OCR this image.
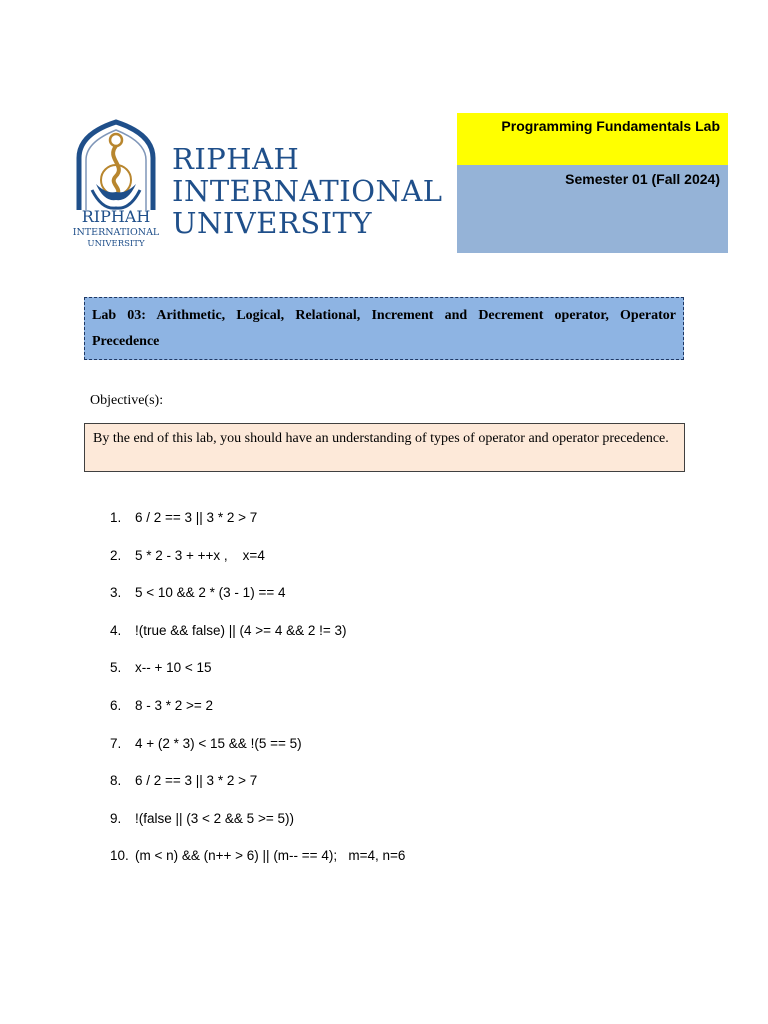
RIPHAH
INTERNATIONAL
UNIVERSITY
RIPHAH
INTERNATIONAL
UNIVERSITY
Programming Fundamentals Lab
Semester 01 (Fall 2024)
Lab 03: Arithmetic, Logical, Relational, Increment and Decrement operator, Operator Precedence
Objective(s):
By the end of this lab, you should have an understanding of types of operator and operator precedence.
1.	6 / 2 == 3 || 3 * 2 > 7
2.	5 * 2 - 3 + ++x ,    x=4
3.	5 < 10 && 2 * (3 - 1) == 4
4.	!(true && false) || (4 >= 4 && 2 != 3)
5.	x-- + 10 < 15
6.	8 - 3 * 2 >= 2
7.	4 + (2 * 3) < 15 && !(5 == 5)
8.	6 / 2 == 3 || 3 * 2 > 7
9.	!(false || (3 < 2 && 5 >= 5))
10. (m < n) && (n++ > 6) || (m-- == 4);   m=4, n=6
